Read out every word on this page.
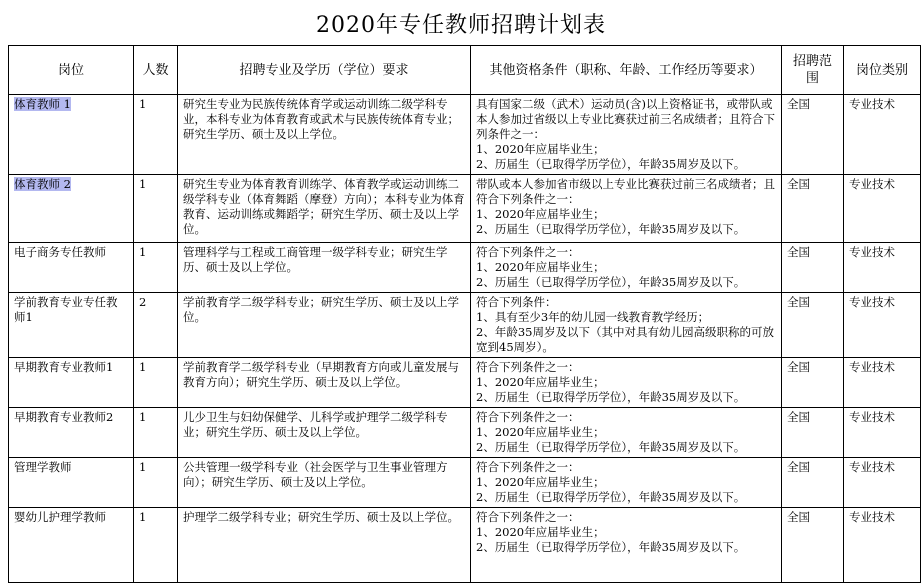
2020年专任教师招聘计划表
岗位	人数	招聘专业及学历（学位）要求	其他资格条件（职称、年龄、工作经历等要求）	招聘范围	岗位类别
体育教师 1	1	研究生专业为民族传统体育学或运动训练二级学科专业，本科专业为体育教育或武术与民族传统体育专业；研究生学历、硕士及以上学位。	具有国家二级（武术）运动员(含)以上资格证书，或带队或本人参加过省级以上专业比赛获过前三名成绩者；且符合下列条件之一：
1、2020年应届毕业生；
2、历届生（已取得学历学位），年龄35周岁及以下。	全国	专业技术
体育教师 2	1	研究生专业为体育教育训练学、体育教学或运动训练二级学科专业（体育舞蹈（摩登）方向）；本科专业为体育教育、运动训练或舞蹈学；研究生学历、硕士及以上学位。	带队或本人参加省市级以上专业比赛获过前三名成绩者；且符合下列条件之一：
1、2020年应届毕业生；
2、历届生（已取得学历学位），年龄35周岁及以下。	全国	专业技术
电子商务专任教师	1	管理科学与工程或工商管理一级学科专业；研究生学历、硕士及以上学位。	符合下列条件之一：
1、2020年应届毕业生；
2、历届生（已取得学历学位），年龄35周岁及以下。	全国	专业技术
学前教育专业专任教师1	2	学前教育学二级学科专业；研究生学历、硕士及以上学位。	符合下列条件：
1、具有至少3年的幼儿园一线教育教学经历；
2、年龄35周岁及以下（其中对具有幼儿园高级职称的可放宽到45周岁）。	全国	专业技术
早期教育专业教师1	1	学前教育学二级学科专业（早期教育方向或儿童发展与教育方向）；研究生学历、硕士及以上学位。	符合下列条件之一：
1、2020年应届毕业生；
2、历届生（已取得学历学位），年龄35周岁及以下。	全国	专业技术
早期教育专业教师2	1	儿少卫生与妇幼保健学、儿科学或护理学二级学科专业；研究生学历、硕士及以上学位。	符合下列条件之一：
1、2020年应届毕业生；
2、历届生（已取得学历学位），年龄35周岁及以下。	全国	专业技术
管理学教师	1	公共管理一级学科专业（社会医学与卫生事业管理方向）；研究生学历、硕士及以上学位。	符合下列条件之一：
1、2020年应届毕业生；
2、历届生（已取得学历学位），年龄35周岁及以下。	全国	专业技术
婴幼儿护理学教师	1	护理学二级学科专业；研究生学历、硕士及以上学位。	符合下列条件之一：
1、2020年应届毕业生；
2、历届生（已取得学历学位），年龄35周岁及以下。	全国	专业技术
